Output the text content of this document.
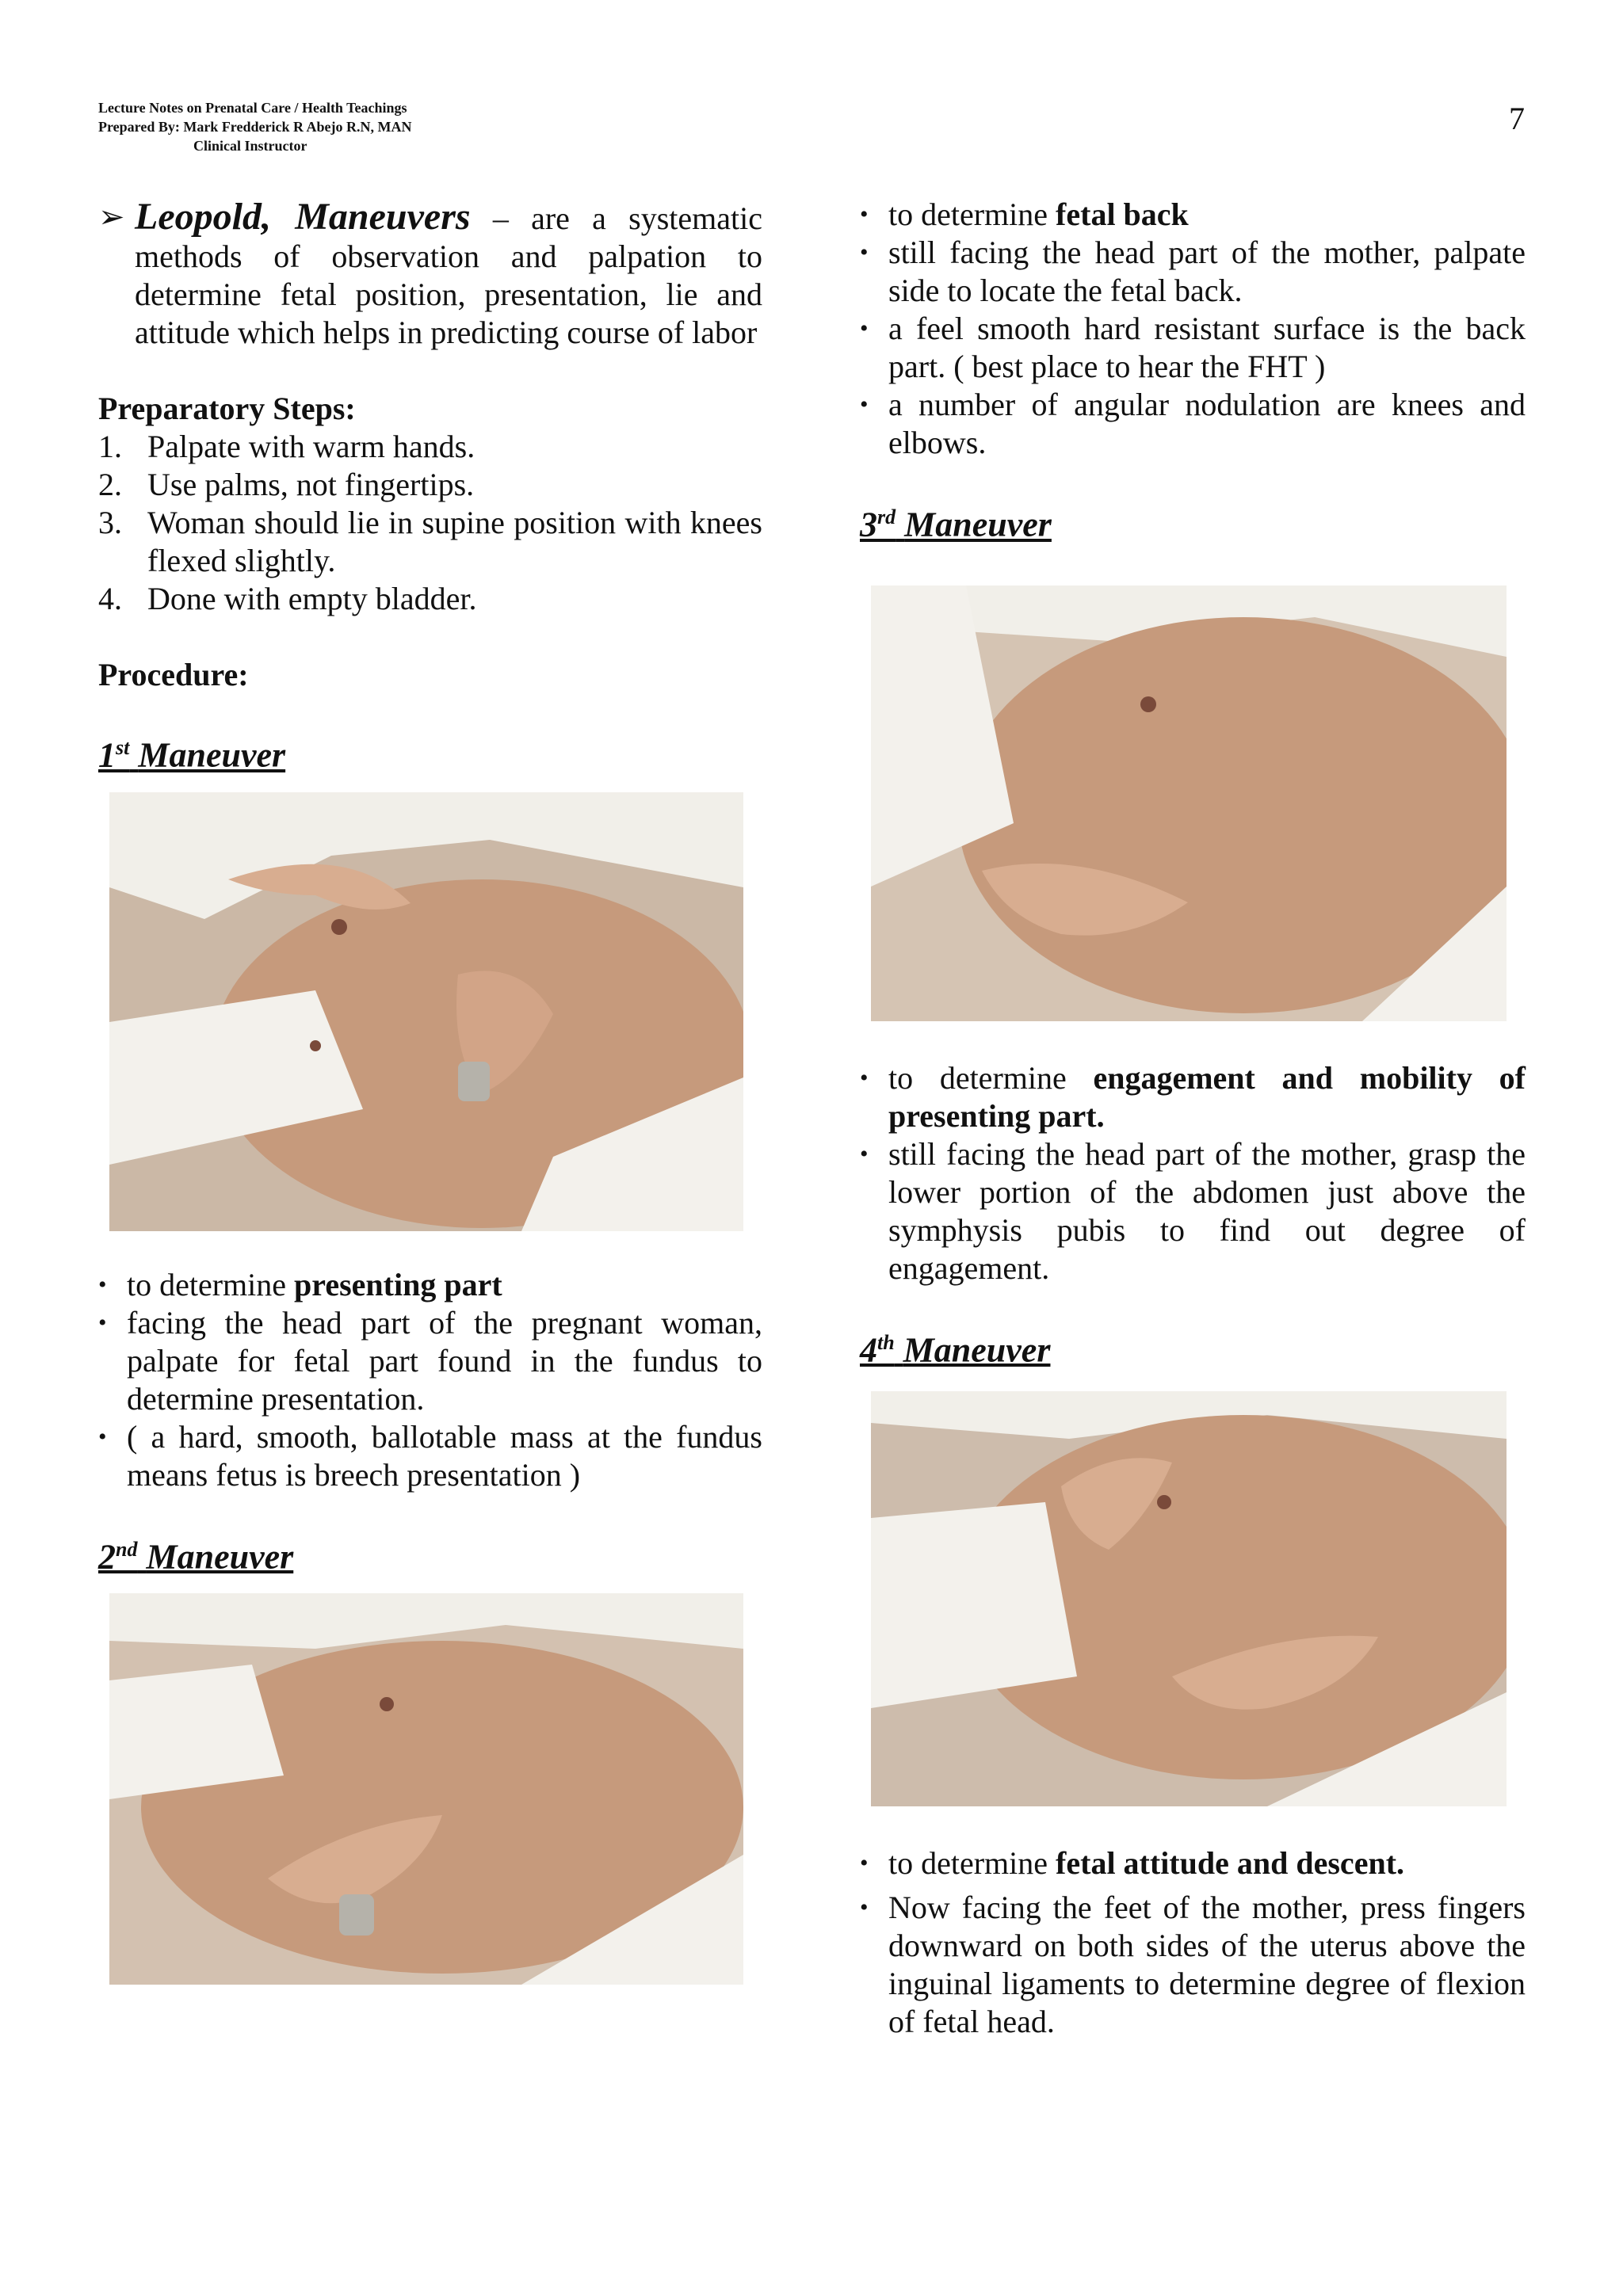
Lecture Notes on Prenatal Care / Health Teachings
Prepared By: Mark Fredderick R Abejo R.N, MAN
Clinical Instructor
7
➢ Leopold, Maneuvers – are a systematic methods of observation and palpation to determine fetal position, presentation, lie and attitude which helps in predicting course of labor
Preparatory Steps:
1. Palpate with warm hands.
2. Use palms, not fingertips.
3. Woman should lie in supine position with knees flexed slightly.
4. Done with empty bladder.
Procedure:
1st Maneuver
• to determine presenting part
• facing the head part of the pregnant woman, palpate for fetal part found in the fundus to determine presentation.
• ( a hard, smooth, ballotable mass at the fundus means fetus is breech presentation )
2nd Maneuver
• to determine fetal back
• still facing the head part of the mother, palpate side to locate the fetal back.
• a feel smooth hard resistant surface is the back part. ( best place to hear the FHT )
• a number of angular nodulation are knees and elbows.
3rd Maneuver
• to determine engagement and mobility of presenting part.
• still facing the head part of the mother, grasp the lower portion of the abdomen just above the symphysis pubis to find out degree of engagement.
4th Maneuver
• to determine fetal attitude and descent.
• Now facing the feet of the mother, press fingers downward on both sides of the uterus above the inguinal ligaments to determine degree of flexion of fetal head.
